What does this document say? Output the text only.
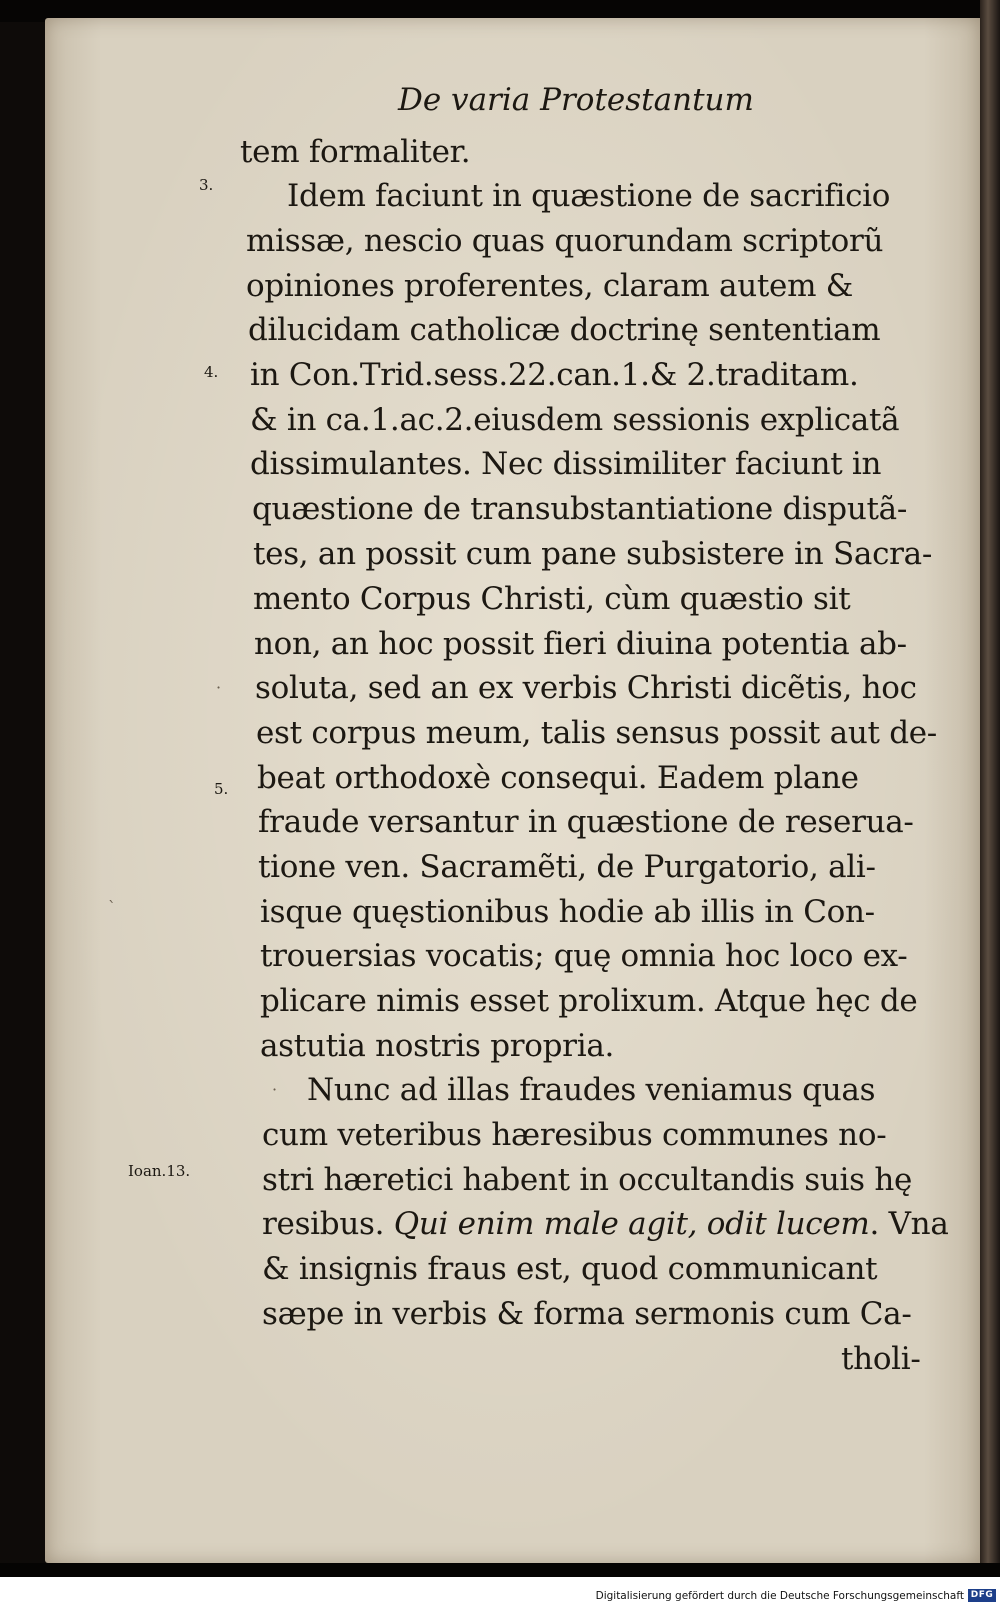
De varia Protestantum
3.
4.
5.
Ioan.13.
·
ˋ
·
tem formaliter.
Idem faciunt in quæstione de sacrificio
missæ, nescio quas quorundam scriptorũ
opiniones proferentes, claram autem &
dilucidam catholicæ doctrinę sententiam
in Con.Trid.sess.22.can.1.& 2.traditam.
& in ca.1.ac.2.eiusdem sessionis explicatã
dissimulantes. Nec dissimiliter faciunt in
quæstione de transubstantiatione disputã-
tes, an possit cum pane subsistere in Sacra-
mento Corpus Christi, cùm quæstio sit
non, an hoc possit fieri diuina potentia ab-
soluta, sed an ex verbis Christi dicẽtis, hoc
est corpus meum, talis sensus possit aut de-
beat orthodoxè consequi. Eadem plane
fraude versantur in quæstione de reserua-
tione ven. Sacramẽti, de Purgatorio, ali-
isque quęstionibus hodie ab illis in Con-
trouersias vocatis; quę omnia hoc loco ex-
plicare nimis esset prolixum. Atque hęc de
astutia nostris propria.
Nunc ad illas fraudes veniamus quas
cum veteribus hæresibus communes no-
stri hæretici habent in occultandis suis hę
resibus. Qui enim male agit, odit lucem. Vna
& insignis fraus est, quod communicant
sæpe in verbis & forma sermonis cum Ca-
tholi-
Digitalisierung gefördert durch die Deutsche Forschungsgemeinschaft DFG
